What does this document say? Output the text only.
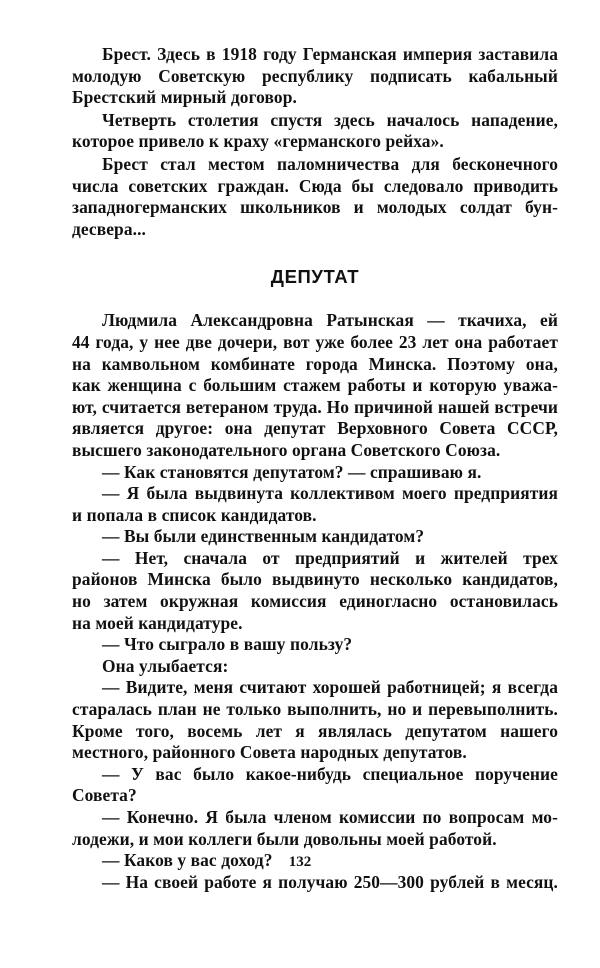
Брест. Здесь в 1918 году Германская империя заставила
молодую Советскую республику подписать кабальный
Брестский мирный договор.

Четверть столетия спустя здесь началось нападение,
которое привело к краху «германского рейха».

Брест стал местом паломничества для бесконечного
числа советских граждан. Сюда бы следовало приводить
западногерманских школьников и молодых солдат бун-
десвера...

ДЕПУТАТ

Людмила Александровна Ратынская — ткачиха, ей
44 года, у нее две дочери, вот уже более 23 лет она работает
на камвольном комбинате города Минска. Поэтому она,
как женщина с большим стажем работы и которую уважа-
ют, считается ветераном труда. Но причиной нашей встречи
является другое: она депутат Верховного Совета СССР,
высшего законодательного органа Советского Союза.

— Как становятся депутатом? — спрашиваю я.

— Я была выдвинута коллективом моего предприятия
и попала в список кандидатов.

— Вы были единственным кандидатом?

— Нет, сначала от предприятий и жителей трех
районов Минска было выдвинуто несколько кандидатов,
но затем окружная комиссия единогласно остановилась
на моей кандидатуре.

— Что сыграло в вашу пользу?

Она улыбается:

— Видите, меня считают хорошей работницей; я всегда
старалась план не только выполнить, но и перевыполнить.
Кроме того, восемь лет я являлась депутатом нашего
местного, районного Совета народных депутатов.

— У вас было какое-нибудь специальное поручение
Совета?

— Конечно. Я была членом комиссии по вопросам мо-
лодежи, и мои коллеги были довольны моей работой.

— Каков у вас доход?

— На своей работе я получаю 250—300 рублей в месяц.

132
